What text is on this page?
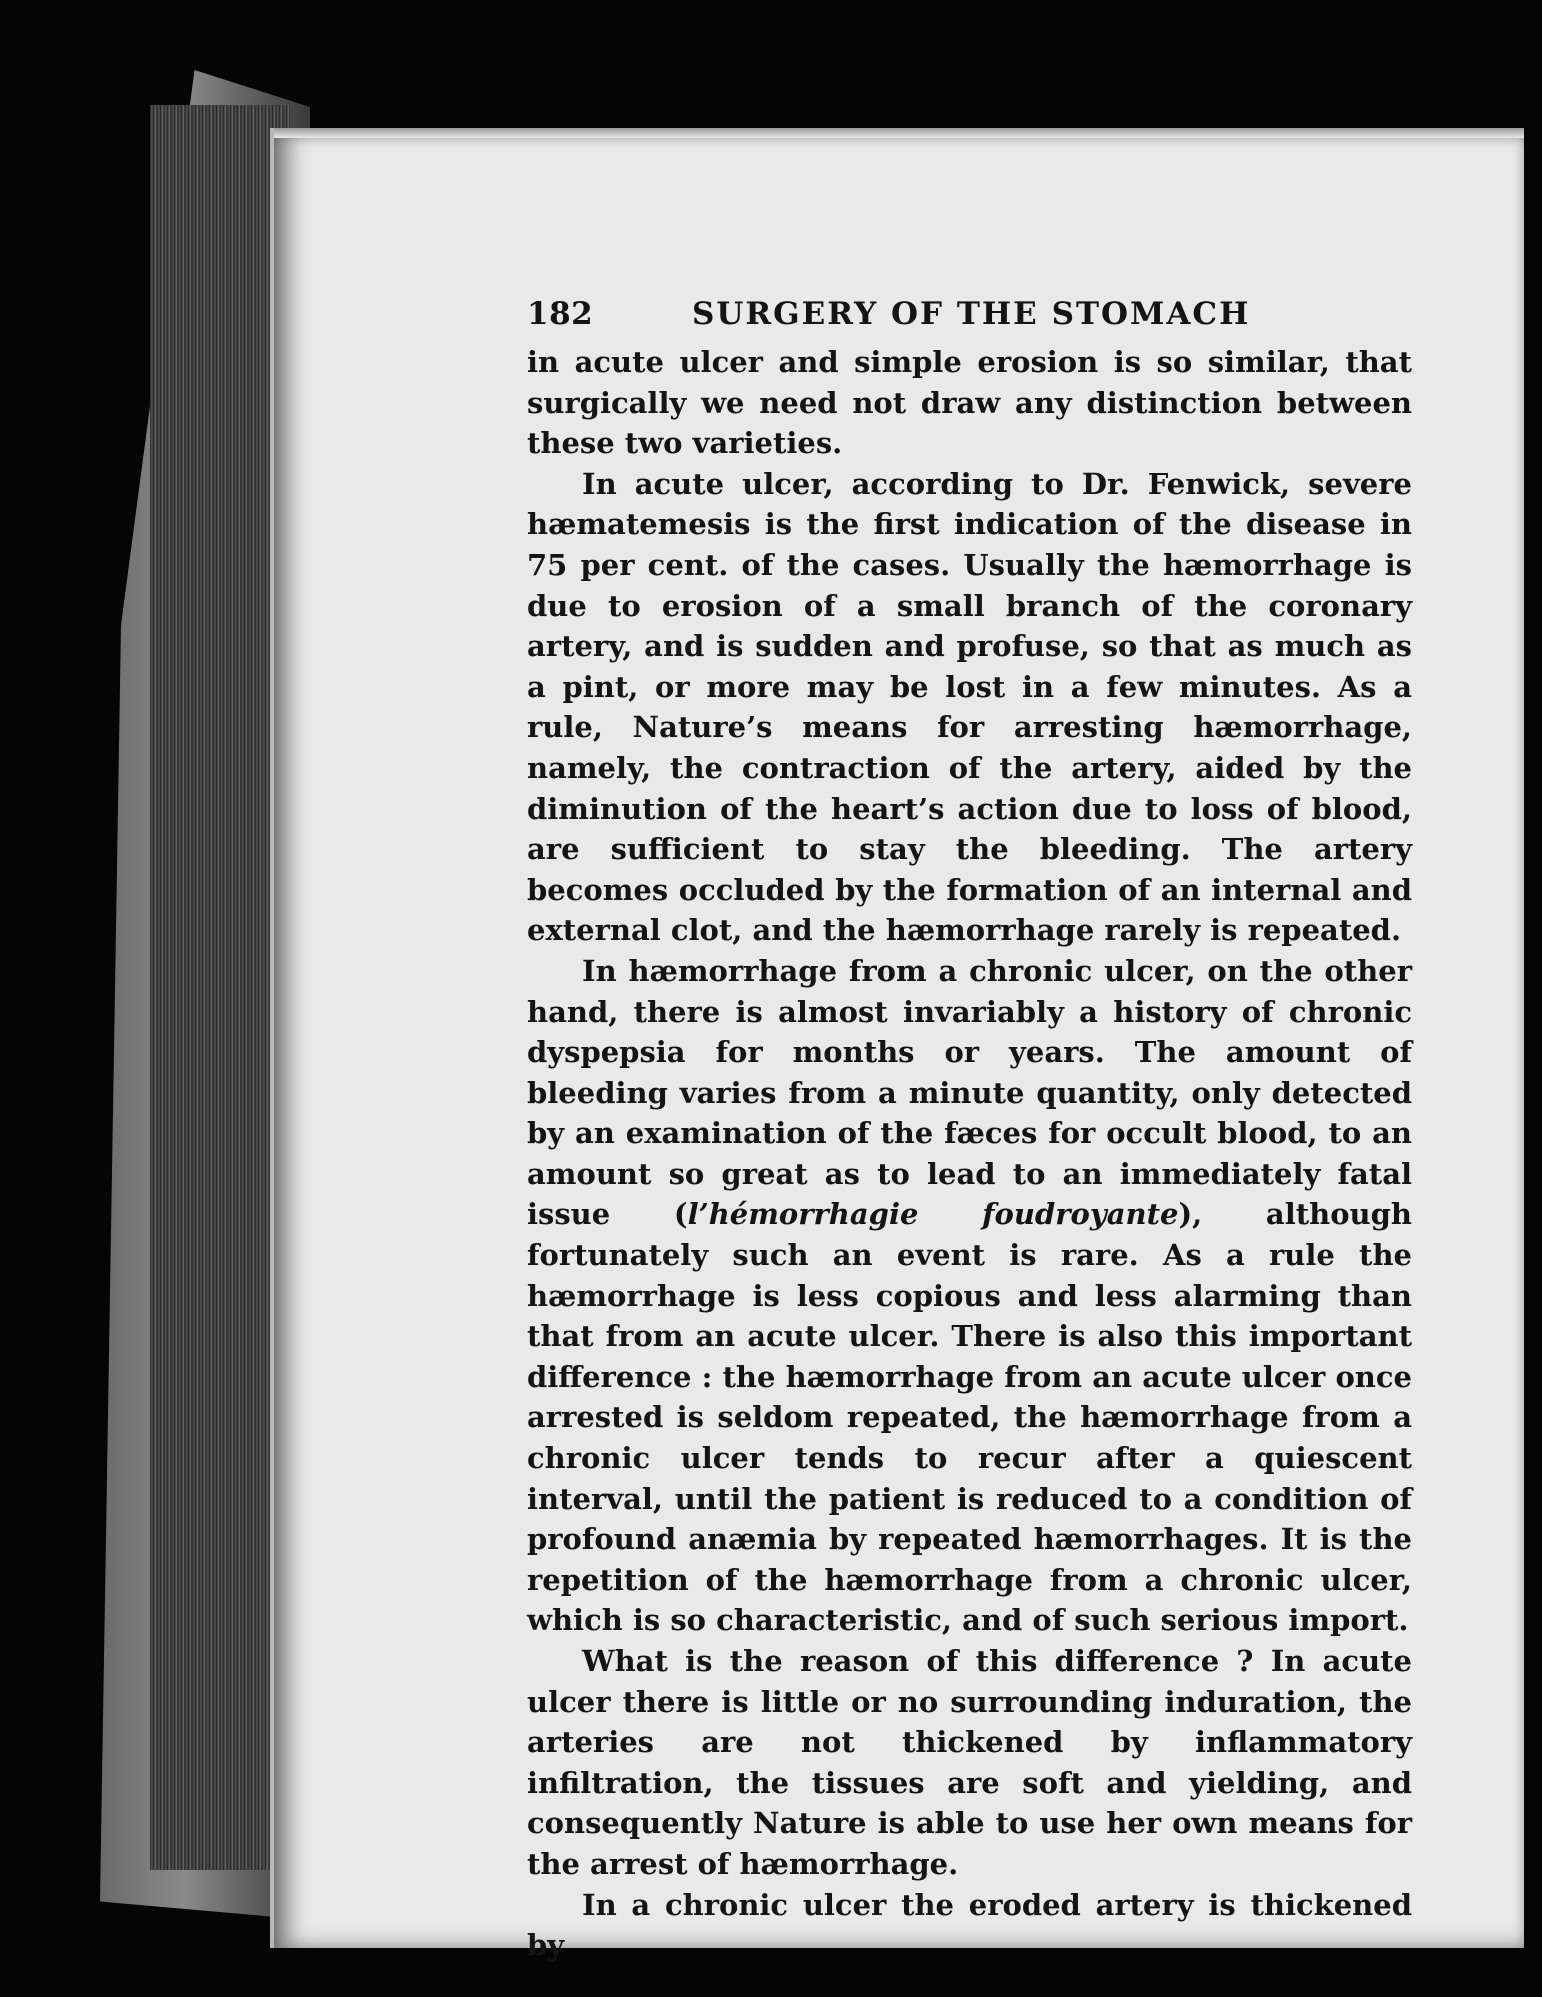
182	SURGERY OF THE STOMACH

in acute ulcer and simple erosion is so similar, that surgically we need not draw any distinction between these two varieties.

In acute ulcer, according to Dr. Fenwick, severe hæmatemesis is the first indication of the disease in 75 per cent. of the cases. Usually the hæmorrhage is due to erosion of a small branch of the coronary artery, and is sudden and profuse, so that as much as a pint, or more may be lost in a few minutes. As a rule, Nature’s means for arresting hæmorrhage, namely, the contraction of the artery, aided by the diminution of the heart’s action due to loss of blood, are sufficient to stay the bleeding. The artery becomes occluded by the formation of an internal and external clot, and the hæmorrhage rarely is repeated.

In hæmorrhage from a chronic ulcer, on the other hand, there is almost invariably a history of chronic dyspepsia for months or years. The amount of bleeding varies from a minute quantity, only detected by an examination of the fæces for occult blood, to an amount so great as to lead to an immediately fatal issue (l’hémorrhagie foudroyante), although fortunately such an event is rare. As a rule the hæmorrhage is less copious and less alarming than that from an acute ulcer. There is also this important difference : the hæmorrhage from an acute ulcer once arrested is seldom repeated, the hæmorrhage from a chronic ulcer tends to recur after a quiescent interval, until the patient is reduced to a condition of profound anæmia by repeated hæmorrhages. It is the repetition of the hæmorrhage from a chronic ulcer, which is so characteristic, and of such serious import.

What is the reason of this difference ? In acute ulcer there is little or no surrounding induration, the arteries are not thickened by inflammatory infiltration, the tissues are soft and yielding, and consequently Nature is able to use her own means for the arrest of hæmorrhage.

In a chronic ulcer the eroded artery is thickened by
